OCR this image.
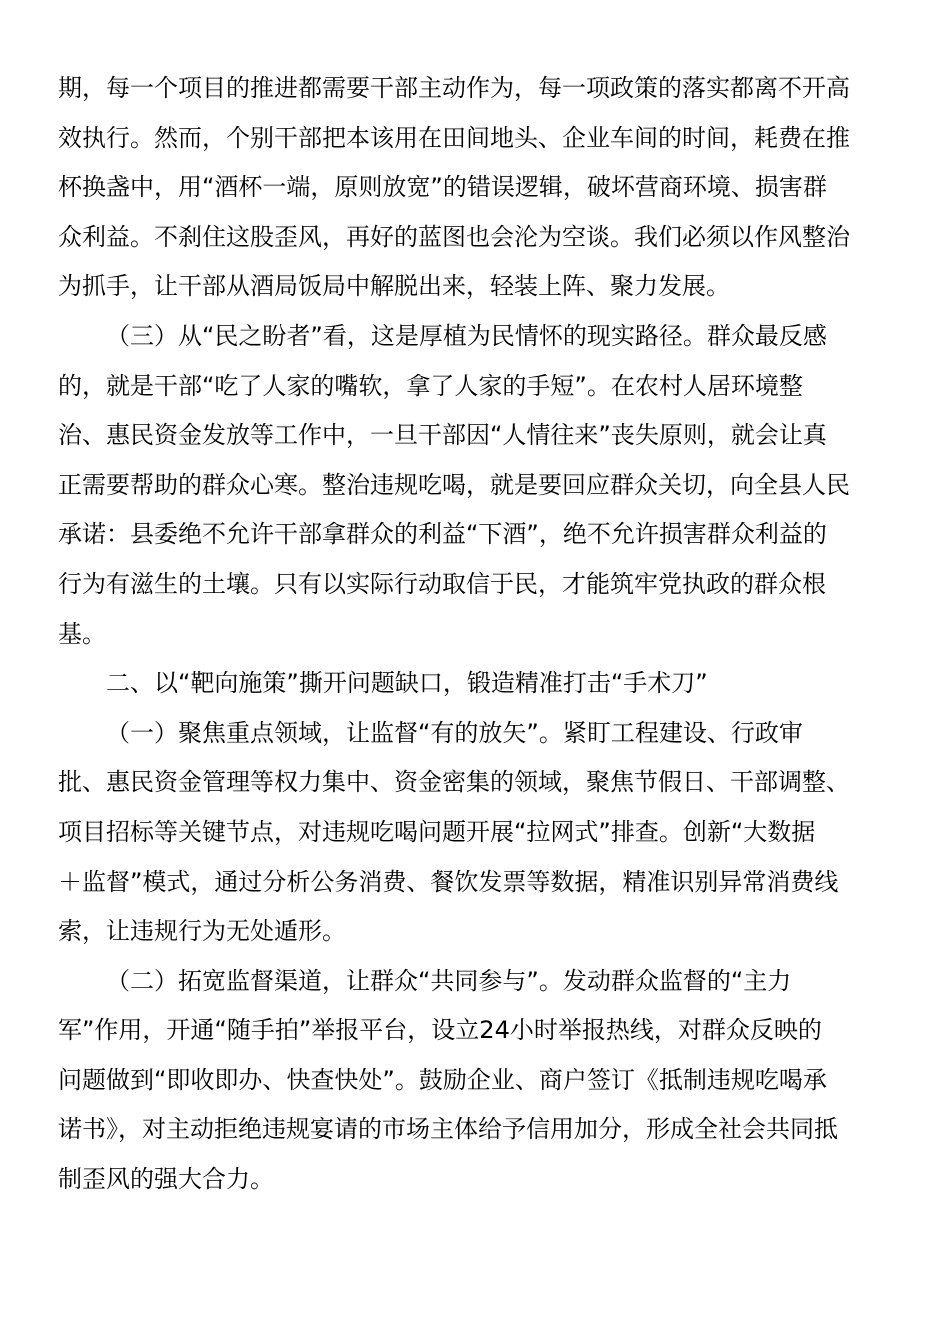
期，每一个项目的推进都需要干部主动作为，每一项政策的落实都离不开高
效执行。然而，个别干部把本该用在田间地头、企业车间的时间，耗费在推
杯换盏中，用“酒杯一端，原则放宽”的错误逻辑，破坏营商环境、损害群
众利益。不刹住这股歪风，再好的蓝图也会沦为空谈。我们必须以作风整治
为抓手，让干部从酒局饭局中解脱出来，轻装上阵、聚力发展。
（三）从“民之盼者”看，这是厚植为民情怀的现实路径。群众最反感
的，就是干部“吃了人家的嘴软，拿了人家的手短”。在农村人居环境整
治、惠民资金发放等工作中，一旦干部因“人情往来”丧失原则，就会让真
正需要帮助的群众心寒。整治违规吃喝，就是要回应群众关切，向全县人民
承诺：县委绝不允许干部拿群众的利益“下酒”，绝不允许损害群众利益的
行为有滋生的土壤。只有以实际行动取信于民，才能筑牢党执政的群众根
基。
二、以“靶向施策”撕开问题缺口，锻造精准打击“手术刀”
（一）聚焦重点领域，让监督“有的放矢”。紧盯工程建设、行政审
批、惠民资金管理等权力集中、资金密集的领域，聚焦节假日、干部调整、
项目招标等关键节点，对违规吃喝问题开展“拉网式”排查。创新“大数据
＋监督”模式，通过分析公务消费、餐饮发票等数据，精准识别异常消费线
索，让违规行为无处遁形。
（二）拓宽监督渠道，让群众“共同参与”。发动群众监督的“主力
军”作用，开通“随手拍”举报平台，设立24小时举报热线，对群众反映的
问题做到“即收即办、快查快处”。鼓励企业、商户签订《抵制违规吃喝承
诺书》，对主动拒绝违规宴请的市场主体给予信用加分，形成全社会共同抵
制歪风的强大合力。
